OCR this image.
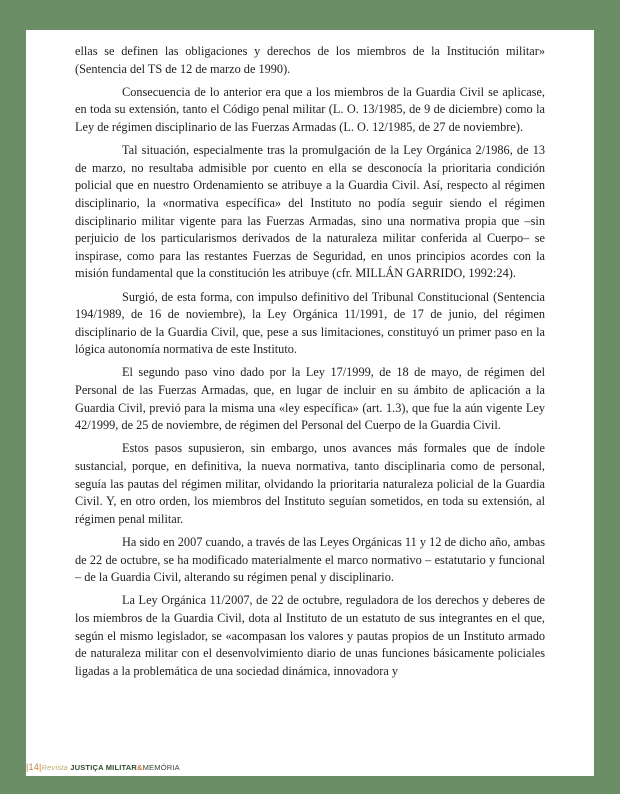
ellas se definen las obligaciones y derechos de los miembros de la Institución militar» (Sentencia del TS de 12 de marzo de 1990).

Consecuencia de lo anterior era que a los miembros de la Guardia Civil se aplicase, en toda su extensión, tanto el Código penal militar (L. O. 13/1985, de 9 de diciembre) como la Ley de régimen disciplinario de las Fuerzas Armadas (L. O. 12/1985, de 27 de noviembre).

Tal situación, especialmente tras la promulgación de la Ley Orgánica 2/1986, de 13 de marzo, no resultaba admisible por cuento en ella se desconocía la prioritaria condición policial que en nuestro Ordenamiento se atribuye a la Guardia Civil. Así, respecto al régimen disciplinario, la «normativa específica» del Instituto no podía seguir siendo el régimen disciplinario militar vigente para las Fuerzas Armadas, sino una normativa propia que –sin perjuicio de los particularismos derivados de la naturaleza militar conferida al Cuerpo– se inspirase, como para las restantes Fuerzas de Seguridad, en unos principios acordes con la misión fundamental que la constitución les atribuye (cfr. MILLÁN GARRIDO, 1992:24).

Surgió, de esta forma, con impulso definitivo del Tribunal Constitucional (Sentencia 194/1989, de 16 de noviembre), la Ley Orgánica 11/1991, de 17 de junio, del régimen disciplinario de la Guardia Civil, que, pese a sus limitaciones, constituyó un primer paso en la lógica autonomía normativa de este Instituto.

El segundo paso vino dado por la Ley 17/1999, de 18 de mayo, de régimen del Personal de las Fuerzas Armadas, que, en lugar de incluir en su ámbito de aplicación a la Guardia Civil, previó para la misma una «ley específica» (art. 1.3), que fue la aún vigente Ley 42/1999, de 25 de noviembre, de régimen del Personal del Cuerpo de la Guardia Civil.

Estos pasos supusieron, sin embargo, unos avances más formales que de índole sustancial, porque, en definitiva, la nueva normativa, tanto disciplinaria como de personal, seguía las pautas del régimen militar, olvidando la prioritaria naturaleza policial de la Guardia Civil. Y, en otro orden, los miembros del Instituto seguían sometidos, en toda su extensión, al régimen penal militar.

Ha sido en 2007 cuando, a través de las Leyes Orgánicas 11 y 12 de dicho año, ambas de 22 de octubre, se ha modificado materialmente el marco normativo – estatutario y funcional – de la Guardia Civil, alterando su régimen penal y disciplinario.

La Ley Orgánica 11/2007, de 22 de octubre, reguladora de los derechos y deberes de los miembros de la Guardia Civil, dota al Instituto de un estatuto de sus integrantes en el que, según el mismo legislador, se «acompasan los valores y pautas propios de un Instituto armado de naturaleza militar con el desenvolvimiento diario de unas funciones básicamente policiales ligadas a la problemática de una sociedad dinámica, innovadora y

|14|Revista JUSTIÇA MILITAR&MEMÓRIA
